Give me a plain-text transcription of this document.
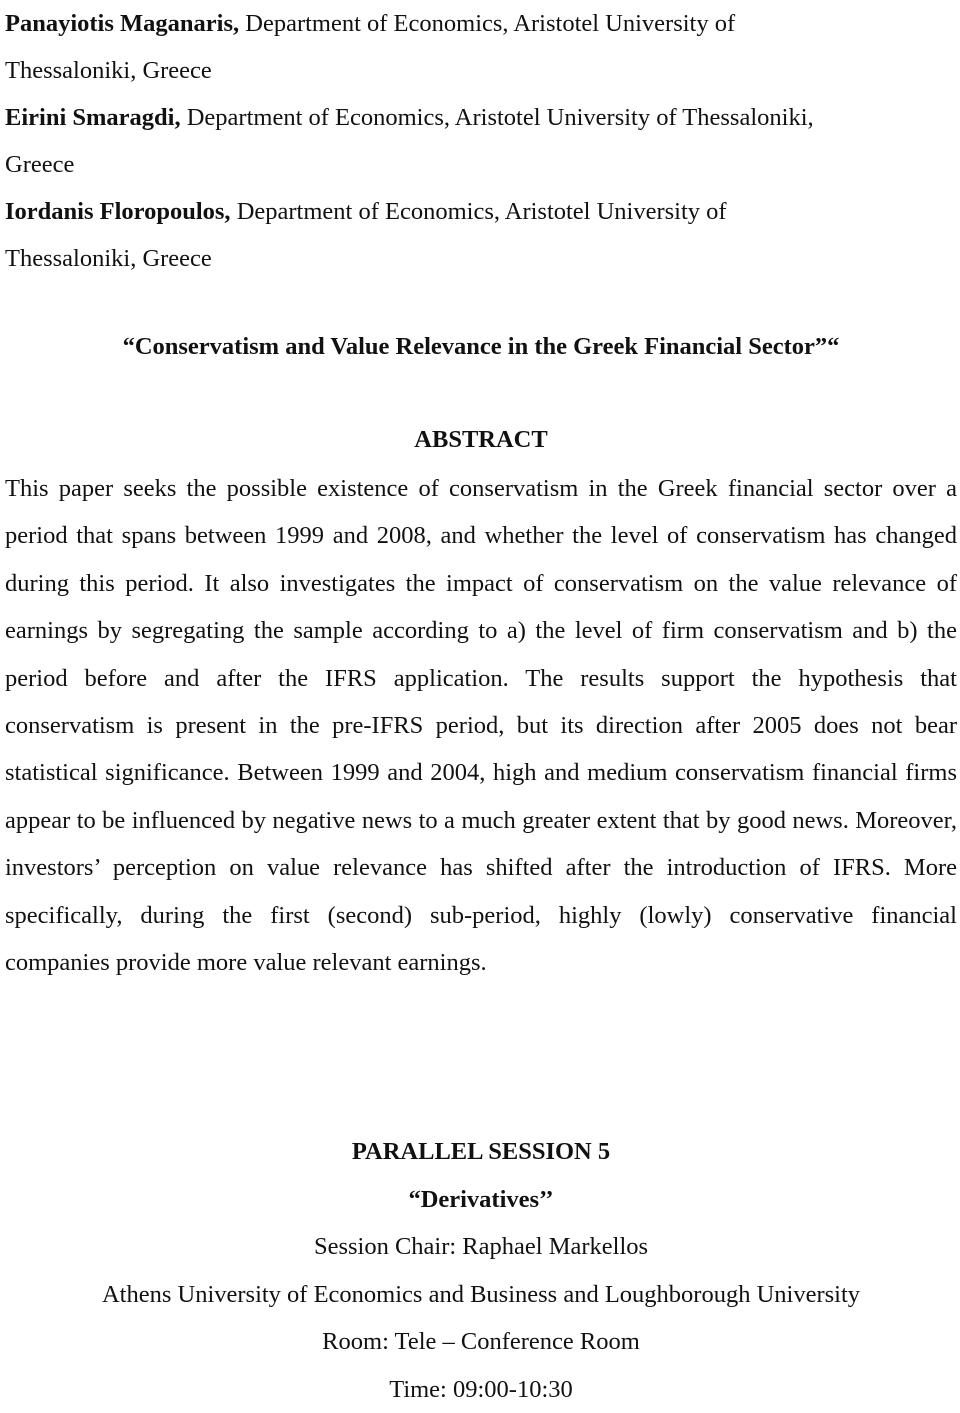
Panayiotis Maganaris, Department of Economics, Aristotel University of

Thessaloniki, Greece

Eirini Smaragdi, Department of Economics, Aristotel University of Thessaloniki,

Greece

Iordanis Floropoulos, Department of Economics, Aristotel University of

Thessaloniki, Greece

“Conservatism and Value Relevance in the Greek Financial Sector”“

ABSTRACT

This paper seeks the possible existence of conservatism in the Greek financial sector over a period that spans between 1999 and 2008, and whether the level of conservatism has changed during this period. It also investigates the impact of conservatism on the value relevance of earnings by segregating the sample according to a) the level of firm conservatism and b) the period before and after the IFRS application. The results support the hypothesis that conservatism is present in the pre-IFRS period, but its direction after 2005 does not bear statistical significance. Between 1999 and 2004, high and medium conservatism financial firms appear to be influenced by negative news to a much greater extent that by good news. Moreover, investors’ perception on value relevance has shifted after the introduction of IFRS. More specifically, during the first (second) sub-period, highly (lowly) conservative financial companies provide more value relevant earnings.

PARALLEL SESSION 5

“Derivatives’’

Session Chair: Raphael Markellos

Athens University of Economics and Business and Loughborough University

Room: Tele – Conference Room

Time: 09:00-10:30
